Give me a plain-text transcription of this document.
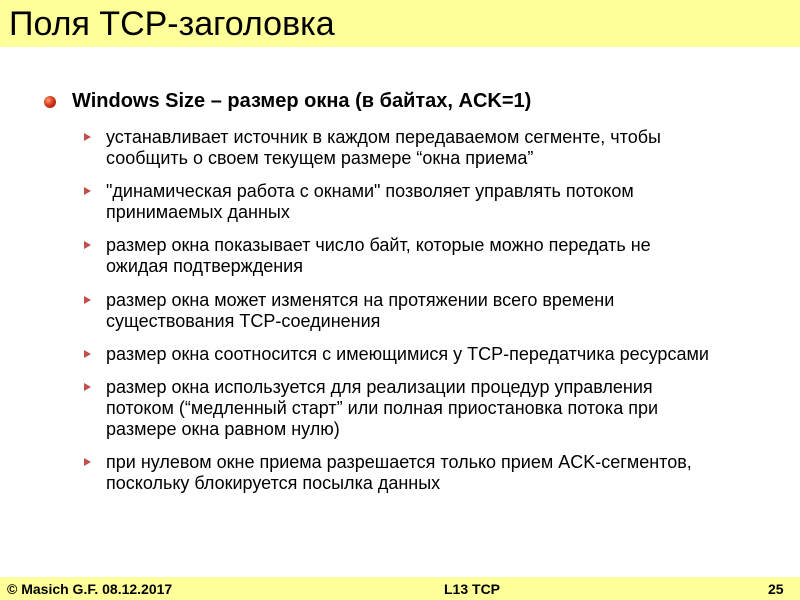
Поля TCP-заголовка
Windows Size – размер окна (в байтах, ACK=1)
устанавливает источник в каждом передаваемом сегменте, чтобы
сообщить о своем текущем размере “окна приема”
"динамическая работа с окнами" позволяет управлять потоком
принимаемых данных
размер окна показывает число байт, которые можно передать не
ожидая подтверждения
размер окна может изменятся на протяжении всего времени
существования TCP-соединения
размер окна соотносится с имеющимися у TCP-передатчика ресурсами
размер окна используется для реализации процедур управления
потоком (“медленный старт” или полная приостановка потока при
размере окна равном нулю)
при нулевом окне приема разрешается только прием ACK-сегментов,
поскольку блокируется посылка данных
© Masich G.F. 08.12.2017	L13 TCP	25
